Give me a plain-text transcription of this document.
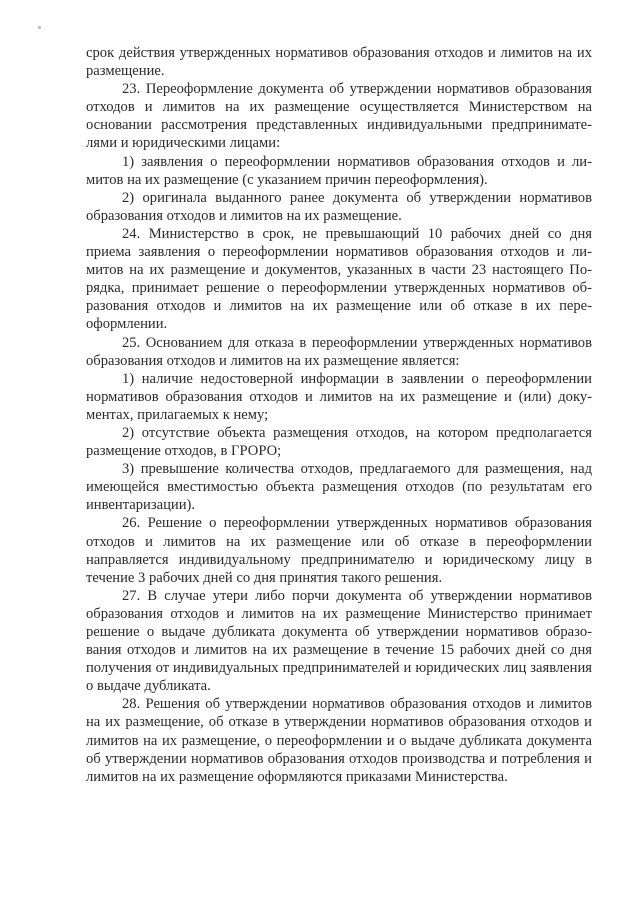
срок действия утвержденных нормативов образования отходов и лимитов на их размещение.

23. Переоформление документа об утверждении нормативов образования отходов и лимитов на их размещение осуществляется Министерством на основании рассмотрения представленных индивидуальными предпринимателями и юридическими лицами:

1) заявления о переоформлении нормативов образования отходов и лимитов на их размещение (с указанием причин переоформления).

2) оригинала выданного ранее документа об утверждении нормативов образования отходов и лимитов на их размещение.

24. Министерство в срок, не превышающий 10 рабочих дней со дня приема заявления о переоформлении нормативов образования отходов и лимитов на их размещение и документов, указанных в части 23 настоящего Порядка, принимает решение о переоформлении утвержденных нормативов образования отходов и лимитов на их размещение или об отказе в их переоформлении.

25. Основанием для отказа в переоформлении утвержденных нормативов образования отходов и лимитов на их размещение является:

1) наличие недостоверной информации в заявлении о переоформлении нормативов образования отходов и лимитов на их размещение и (или) документах, прилагаемых к нему;

2) отсутствие объекта размещения отходов, на котором предполагается размещение отходов, в ГРОРО;

3) превышение количества отходов, предлагаемого для размещения, над имеющейся вместимостью объекта размещения отходов (по результатам его инвентаризации).

26. Решение о переоформлении утвержденных нормативов образования отходов и лимитов на их размещение или об отказе в переоформлении направляется индивидуальному предпринимателю и юридическому лицу в течение 3 рабочих дней со дня принятия такого решения.

27. В случае утери либо порчи документа об утверждении нормативов образования отходов и лимитов на их размещение Министерство принимает решение о выдаче дубликата документа об утверждении нормативов образования отходов и лимитов на их размещение в течение 15 рабочих дней со дня получения от индивидуальных предпринимателей и юридических лиц заявления о выдаче дубликата.

28. Решения об утверждении нормативов образования отходов и лимитов на их размещение, об отказе в утверждении нормативов образования отходов и лимитов на их размещение, о переоформлении и о выдаче дубликата документа об утверждении нормативов образования отходов производства и потребления и лимитов на их размещение оформляются приказами Министерства.
